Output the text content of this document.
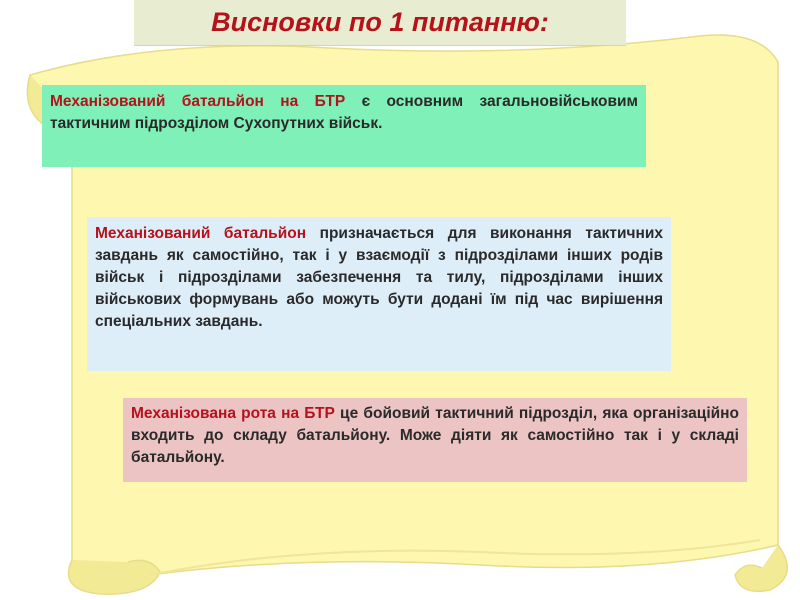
Висновки по 1 питанню:
Механізований батальйон на БТР є основним загальновійськовим тактичним підрозділом Сухопутних військ.
Механізований батальйон призначається для виконання тактичних завдань як самостійно, так і у взаємодії з підрозділами інших родів військ і підрозділами забезпечення та тилу, підрозділами інших військових формувань або можуть бути додані їм під час вирішення спеціальних завдань.
Механізована рота на БТР це бойовий тактичний підрозділ, яка організаційно входить до складу батальйону. Може діяти як самостійно так і у складі батальйону.
